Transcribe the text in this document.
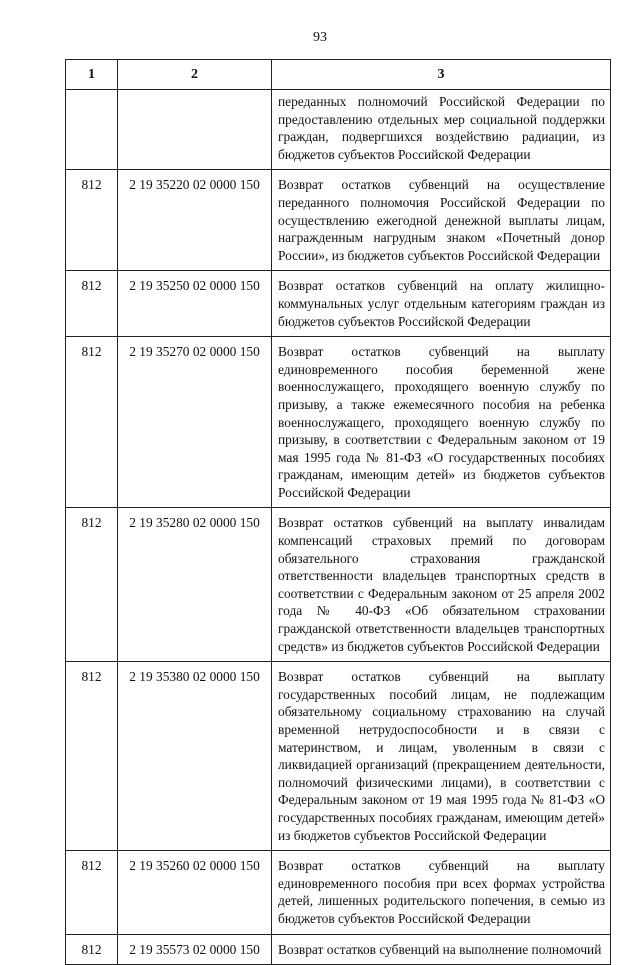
93
1	2	3
		переданных полномочий Российской Федерации по предоставлению отдельных мер социальной поддержки граждан, подвергшихся воздействию радиации, из бюджетов субъектов Российской Федерации
812	2 19 35220 02 0000 150	Возврат остатков субвенций на осуществление переданного полномочия Российской Федерации по осуществлению ежегодной денежной выплаты лицам, награжденным нагрудным знаком «Почетный донор России», из бюджетов субъектов Российской Федерации
812	2 19 35250 02 0000 150	Возврат остатков субвенций на оплату жилищно-коммунальных услуг отдельным категориям граждан из бюджетов субъектов Российской Федерации
812	2 19 35270 02 0000 150	Возврат остатков субвенций на выплату единовременного пособия беременной жене военнослужащего, проходящего военную службу по призыву, а также ежемесячного пособия на ребенка военнослужащего, проходящего военную службу по призыву, в соответствии с Федеральным законом от 19 мая 1995 года № 81-ФЗ «О государственных пособиях гражданам, имеющим детей» из бюджетов субъектов Российской Федерации
812	2 19 35280 02 0000 150	Возврат остатков субвенций на выплату инвалидам компенсаций страховых премий по договорам обязательного страхования гражданской ответственности владельцев транспортных средств в соответствии с Федеральным законом от 25 апреля 2002 года № 40-ФЗ «Об обязательном страховании гражданской ответственности владельцев транспортных средств» из бюджетов субъектов Российской Федерации
812	2 19 35380 02 0000 150	Возврат остатков субвенций на выплату государственных пособий лицам, не подлежащим обязательному социальному страхованию на случай временной нетрудоспособности и в связи с материнством, и лицам, уволенным в связи с ликвидацией организаций (прекращением деятельности, полномочий физическими лицами), в соответствии с Федеральным законом от 19 мая 1995 года № 81-ФЗ «О государственных пособиях гражданам, имеющим детей» из бюджетов субъектов Российской Федерации
812	2 19 35260 02 0000 150	Возврат остатков субвенций на выплату единовременного пособия при всех формах устройства детей, лишенных родительского попечения, в семью из бюджетов субъектов Российской Федерации
812	2 19 35573 02 0000 150	Возврат остатков субвенций на выполнение полномочий
